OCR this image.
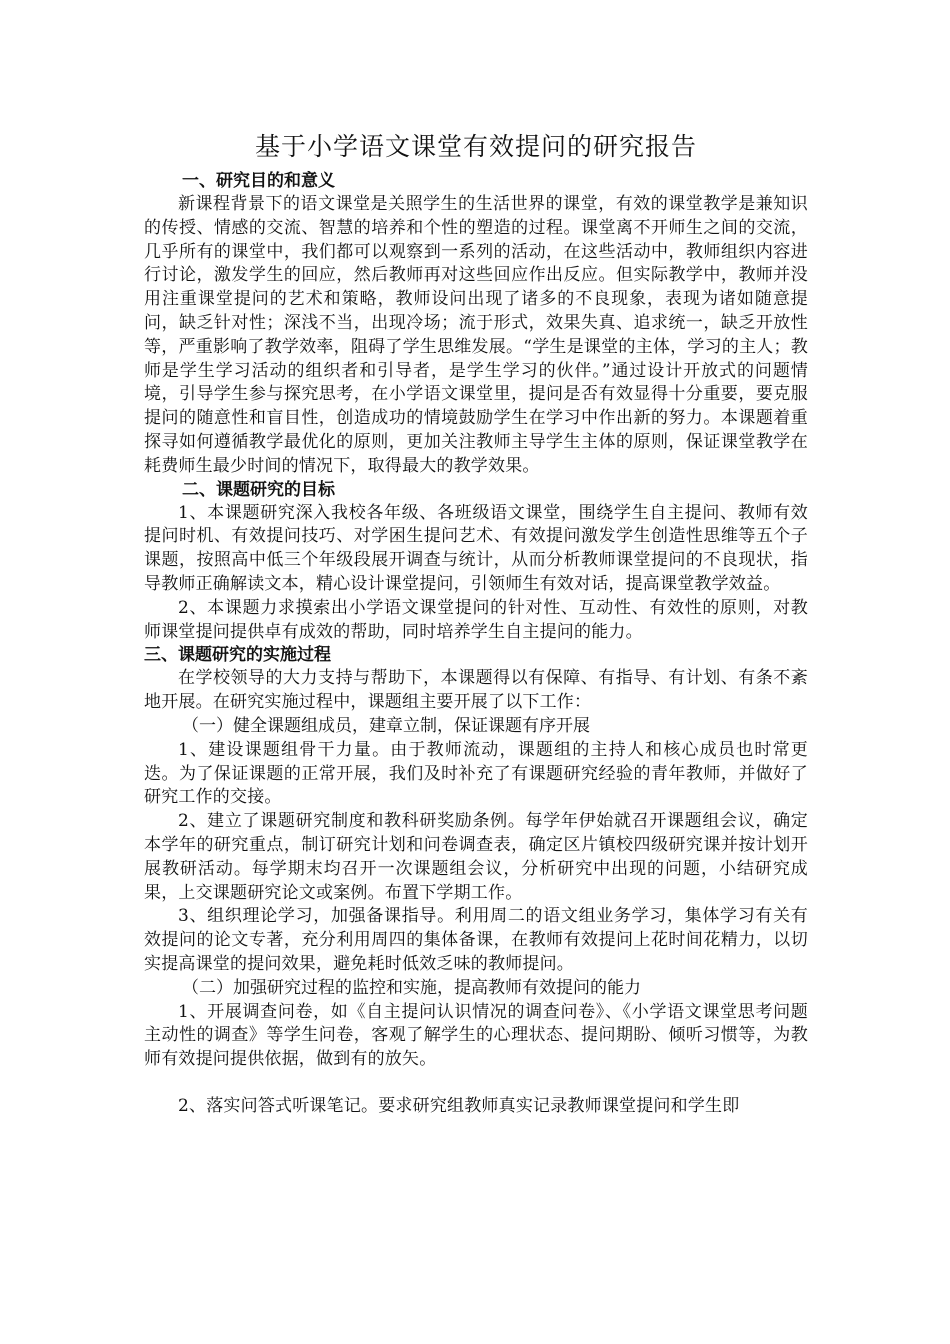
基于小学语文课堂有效提问的研究报告
一、研究目的和意义

新课程背景下的语文课堂是关照学生的生活世界的课堂，有效的课堂教学是兼知识的传授、情感的交流、智慧的培养和个性的塑造的过程。课堂离不开师生之间的交流，几乎所有的课堂中，我们都可以观察到一系列的活动，在这些活动中，教师组织内容进行讨论，激发学生的回应，然后教师再对这些回应作出反应。但实际教学中，教师并没用注重课堂提问的艺术和策略，教师设问出现了诸多的不良现象，表现为诸如随意提问，缺乏针对性；深浅不当，出现冷场；流于形式，效果失真、追求统一，缺乏开放性等，严重影响了教学效率，阻碍了学生思维发展。“学生是课堂的主体，学习的主人；教师是学生学习活动的组织者和引导者，是学生学习的伙伴。”通过设计开放式的问题情境，引导学生参与探究思考，在小学语文课堂里，提问是否有效显得十分重要，要克服提问的随意性和盲目性，创造成功的情境鼓励学生在学习中作出新的努力。本课题着重探寻如何遵循教学最优化的原则，更加关注教师主导学生主体的原则，保证课堂教学在耗费师生最少时间的情况下，取得最大的教学效果。

二、课题研究的目标

1、本课题研究深入我校各年级、各班级语文课堂，围绕学生自主提问、教师有效提问时机、有效提问技巧、对学困生提问艺术、有效提问激发学生创造性思维等五个子课题，按照高中低三个年级段展开调查与统计，从而分析教师课堂提问的不良现状，指导教师正确解读文本，精心设计课堂提问，引领师生有效对话，提高课堂教学效益。

2、本课题力求摸索出小学语文课堂提问的针对性、互动性、有效性的原则，对教师课堂提问提供卓有成效的帮助，同时培养学生自主提问的能力。

三、课题研究的实施过程

在学校领导的大力支持与帮助下，本课题得以有保障、有指导、有计划、有条不紊地开展。在研究实施过程中，课题组主要开展了以下工作：

（一）健全课题组成员，建章立制，保证课题有序开展

1、建设课题组骨干力量。由于教师流动，课题组的主持人和核心成员也时常更迭。为了保证课题的正常开展，我们及时补充了有课题研究经验的青年教师，并做好了研究工作的交接。

2、建立了课题研究制度和教科研奖励条例。每学年伊始就召开课题组会议，确定本学年的研究重点，制订研究计划和问卷调查表，确定区片镇校四级研究课并按计划开展教研活动。每学期末均召开一次课题组会议，分析研究中出现的问题，小结研究成果，上交课题研究论文或案例。布置下学期工作。

3、组织理论学习，加强备课指导。利用周二的语文组业务学习，集体学习有关有效提问的论文专著，充分利用周四的集体备课，在教师有效提问上花时间花精力，以切实提高课堂的提问效果，避免耗时低效乏味的教师提问。

（二）加强研究过程的监控和实施，提高教师有效提问的能力

1、开展调查问卷，如《自主提问认识情况的调查问卷》、《小学语文课堂思考问题主动性的调查》等学生问卷，客观了解学生的心理状态、提问期盼、倾听习惯等，为教师有效提问提供依据，做到有的放矢。

2、落实问答式听课笔记。要求研究组教师真实记录教师课堂提问和学生即
